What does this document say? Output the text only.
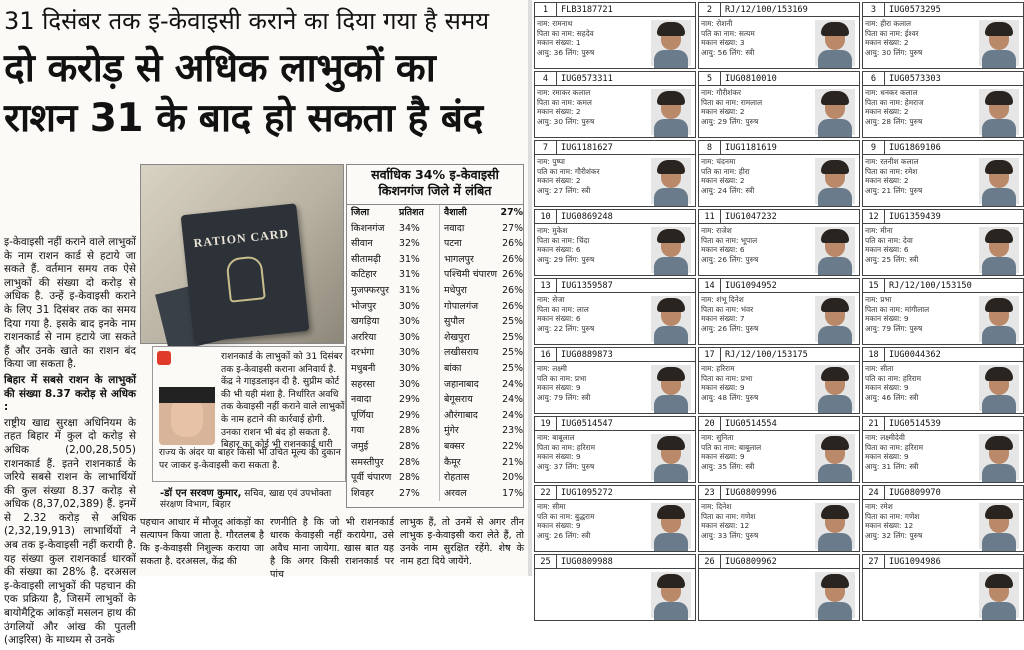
31 दिसंबर तक इ-केवाइसी कराने का दिया गया है समय
दो करोड़ से अधिक लाभुकों का
राशन 31 के बाद हो सकता है बंद

इ-केवाइसी नहीं कराने वाले लाभुकों के नाम राशन कार्ड से हटाये जा सकते हैं. वर्तमान समय तक ऐसे लाभुकों की संख्या दो करोड़ से अधिक है. उन्हें इ-केवाइसी कराने के लिए 31 दिसंबर तक का समय दिया गया है. इसके बाद इनके नाम राशनकार्ड से नाम हटाये जा सकते हैं और उनके खाते का राशन बंद किया जा सकता है.

बिहार में सबसे राशन के लाभुकों की संख्या 8.37 करोड़ से अधिक :

राष्ट्रीय खाद्य सुरक्षा अधिनियम के तहत बिहार में कुल दो करोड़ से अधिक (2,00,28,505) राशनकार्ड हैं. इतने राशनकार्ड के जरिये सबसे राशन के लाभार्थियों की कुल संख्या 8.37 करोड़ से अधिक (8,37,02,389) हैं. इनमें से 2.32 करोड़ से अधिक (2,32,19,913) लाभार्थियों ने अब तक इ-केवाइसी नहीं करायी है. यह संख्या कुल राशनकार्ड धारकों की संख्या का 28% है. दरअसल इ-केवाइसी लाभुकों की पहचान की एक प्रक्रिया है, जिसमें लाभुकों के बायोमैट्रिक आंकड़ों मसलन हाथ की उंगलियों और आंख की पुतली (आइरिस) के माध्यम से उनके

RATION CARD
राशनकार्ड के लाभुकों को 31 दिसंबर तक इ-केवाइसी कराना अनिवार्य है. केंद्र ने गाइडलाइन दी है. सुप्रीम कोर्ट की भी यही मंशा है. निर्धारित अवधि तक केवाइसी नहीं कराने वाले लाभुकों के नाम हटाने की कार्रवाई होगी. उनका राशन भी बंद हो सकता है. बिहार का कोई भी राशनकार्ड धारी
राज्य के अंदर या बाहर किसी भी उचित मूल्य की दुकान पर जाकर इ-केवाइसी करा सकता है.
-डॉ एन सरवण कुमार, सचिव, खाद्य एवं उपभोक्ता संरक्षण विभाग, बिहार
सर्वाधिक 34% इ-केवाइसी किशनगंज जिले में लंबित
जिला	प्रतिशत	वैशाली	27%
किशनगंज	34%	नवादा	27%
सीवान	32%	पटना	26%
सीतामढ़ी	31%	भागलपुर	26%
कटिहार	31%	पश्चिमी चंपारण 26%
मुजफ्फरपुर	31%	मधेपुरा	26%
भोजपुर	30%	गोपालगंज	26%
खगड़िया	30%	सुपौल	25%
अररिया	30%	शेखपुरा	25%
दरभंगा	30%	लखीसराय	25%
मधुबनी	30%	बांका	25%
सहरसा	30%	जहानाबाद	24%
नवादा	29%	बेगूसराय	24%
पूर्णिया	29%	औरंगाबाद	24%
गया	28%	मुंगेर	23%
जमुई	28%	बक्सर	22%
समस्तीपुर	28%	कैमूर	21%
पूर्वी चंपारण 28%	रोहतास	20%
शिवहर	27%	अरवल	17%
पहचान आधार में मौजूद आंकड़ों का सत्यापन किया जाता है. गौरतलब है कि इ-केवाइसी निशुल्क कराया जा सकता है. दरअसल, केंद्र की
रणनीति है कि जो भी राशनकार्ड धारक केवाइसी नहीं करायेगा, उसे अवैध माना जायेगा. खास बात यह है कि अगर किसी राशनकार्ड पर पांच
लाभुक हैं, तो उनमें से अगर तीन लाभुक इ-केवाइसी करा लेते हैं, तो उनके नाम सुरक्षित रहेंगे. शेष के नाम हटा दिये जायेंगे.
1	FLB3187721
नाम: रामनाथ
पिता का नाम: सहदेव
मकान संख्या: 1
आयु: 36 लिंग: पुरुष
2	RJ/12/100/153169
नाम: रोशनी
पति का नाम: सत्यम
मकान संख्या: 3
आयु: 56 लिंग: स्त्री
3	IUG0573295
नाम: हीरा कलाल
पिता का नाम: ईश्वर
मकान संख्या: 2
आयु: 30 लिंग: पुरुष
4	IUG0573311
नाम: रमाकर कलाल
पिता का नाम: कमल
मकान संख्या: 2
आयु: 30 लिंग: पुरुष
5	IUG0810010
नाम: गौरीशंकर
पिता का नाम: रामलाल
मकान संख्या: 2
आयु: 29 लिंग: पुरुष
6	IUG0573303
नाम: धनकर कलाल
पिता का नाम: हेमराज
मकान संख्या: 2
आयु: 28 लिंग: पुरुष
7	IUG1181627
नाम: पुष्पा
पति का नाम: गौरीशंकर
मकान संख्या: 2
आयु: 27 लिंग: स्त्री
8	IUG1181619
नाम: चंदनमा
पति का नाम: हीरा
मकान संख्या: 2
आयु: 24 लिंग: स्त्री
9	IUG1869106
नाम: रतनीश कलाल
पिता का नाम: रमेश
मकान संख्या: 2
आयु: 21 लिंग: पुरुष
10	IUG0869248
नाम: मुकेश
पिता का नाम: चिंदा
मकान संख्या: 6
आयु: 29 लिंग: पुरुष
11	IUG1047232
नाम: राजेश
पिता का नाम: भूपाल
मकान संख्या: 6
आयु: 26 लिंग: पुरुष
12	IUG1359439
नाम: मीना
पति का नाम: देवा
मकान संख्या: 6
आयु: 25 लिंग: स्त्री
13	IUG1359587
नाम: सेजा
पिता का नाम: लाल
मकान संख्या: 6
आयु: 22 लिंग: पुरुष
14	IUG1094952
नाम: शंभू दिनेश
पिता का नाम: भंवर
मकान संख्या: 7
आयु: 26 लिंग: पुरुष
15	RJ/12/100/153150
नाम: प्रभा
पिता का नाम: मांगीलाल
मकान संख्या: 9
आयु: 79 लिंग: पुरुष
16	IUG0889873
नाम: लक्ष्मी
पति का नाम: प्रभा
मकान संख्या: 9
आयु: 79 लिंग: स्त्री
17	RJ/12/100/153175
नाम: हरिराम
पिता का नाम: प्रभा
मकान संख्या: 9
आयु: 48 लिंग: पुरुष
18	IUG0044362
नाम: सीता
पति का नाम: हरिराम
मकान संख्या: 9
आयु: 46 लिंग: स्त्री
19	IUG0514547
नाम: बाबूलाल
पिता का नाम: हरिराम
मकान संख्या: 9
आयु: 37 लिंग: पुरुष
20	IUG0514554
नाम: सुनिता
पति का नाम: बाबूलाल
मकान संख्या: 9
आयु: 35 लिंग: स्त्री
21	IUG0514539
नाम: लक्ष्मीदेवी
पिता का नाम: हरिराम
मकान संख्या: 9
आयु: 31 लिंग: स्त्री
22	IUG1095272
नाम: सीमा
पति का नाम: बुद्धराम
मकान संख्या: 9
आयु: 26 लिंग: स्त्री
23	IUG0809996
नाम: दिनेश
पिता का नाम: गणेश
मकान संख्या: 12
आयु: 33 लिंग: पुरुष
24	IUG0809970
नाम: रमेश
पिता का नाम: गणेश
मकान संख्या: 12
आयु: 32 लिंग: पुरुष
25	IUG0809988	26	IUG0809962	27	IUG1094986
